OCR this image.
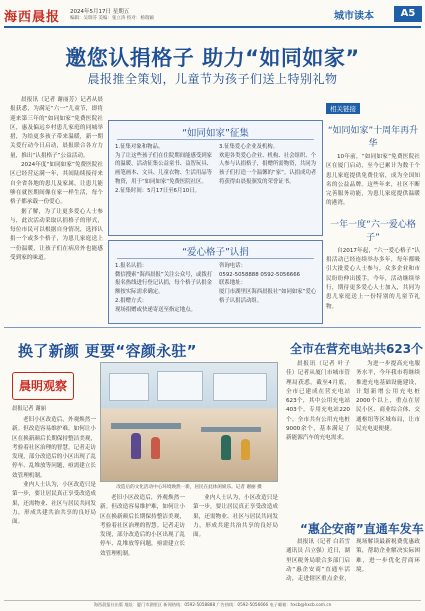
海西晨报 2024年5月17日 星期五
编辑：吴瑞芬 美编：张立涛 校对：杨瑞颖	城市读本	A5
邀您认捐格子 助力“如同如家”
晨报推全策划，儿童节为孩子们送上特别礼物

晨报讯（记者 谢丽芳）记者从晨报获悉，为满足“六一”儿童节，即将迎来第三年的“如同如家”免费医院社区，惠及偏远乡村患儿家庭的同城举措，为给更多孩子带来温暖，新一期关爱行动今日启动，晨报联合各方力量，推出“认捐格子”公益活动。

2024年度“如同如家”免费医院社区已经营运满一年，其间陆续接待来自全省各地的患儿及家属，让患儿能够在就医期间像在家一样生活，每个格子都承载一份爱心。

据了解，为了让更多爱心人士参与，此次活动采取认捐格子的形式，每位市民可以根据自身情况，选择认捐一个或多个格子，为患儿家庭送上一份温暖，让孩子们在病房外也能感受到家的味道。

“如同如家”征集
1.征集对象和物品。
为了让这些孩子们在住院期间能感受到家的温暖，活动征集公益童书、益智玩具、画笔画本、文具、儿童衣物、生活用品等物资，用于“如同如家”免费医院社区。
2.征集时间：5月17日至6月10日。
3.征集爱心企业及机构。
欢迎各类爱心企业、机构、社会组织、个人参与认捐格子，捐赠所需物资，共同为孩子们打造一个温馨的“家”。认捐成功者将获得由晨报颁发的荣誉证书。
“爱心格子”认捐
1.报名认捐：
微信搜索“海西晨报”关注公众号，或拨打报名热线进行登记认捐，每个格子认捐金额按实际需求确定。
2.捐赠方式：
现场捐赠或快递寄送至指定地点。
咨询电话：
0592-5058888 0592-5056666
联系地址：
厦门市湖里区海西晨报社“如同如家”爱心格子认捐活动组。
相关链接
“如同如家”十周年再升华

10年前，“如同如家”免费医院社区在厦门启动，至今已累计为数千个患儿家庭提供免费住宿，成为全国知名的公益品牌。这些年来，社区不断完善服务功能，为患儿家庭提供温暖的港湾。

一年一度“六一爱心格子”

自2017年起，“六一爱心格子”认捐活动已经连续举办多年，每年都吸引大批爱心人士参与，众多企业和市民纷纷伸出援手。今年，活动继续举行，期待更多爱心人士加入，共同为患儿家庭送上一份特别的儿童节礼物。

换了新颜 更要“容颜永驻”
晨明观察
晨报记者 谢丽

老旧小区改造后，外观焕然一新。但改造容易维护难，如何让小区在换新颜后长期保持整洁美观，考验着社区治理的智慧。记者走访发现，部分改造后的小区出现了乱停车、乱堆放等问题，亟需建立长效管理机制。

业内人士认为，小区改造只是第一步，要让居民真正享受改造成果，还需物业、社区与居民共同发力，形成共建共治共享的良好局面。

改造后的文化活动中心环境焕然一新，居民在此休闲娱乐。记者 谢丽 摄

老旧小区改造后，外观焕然一新。但改造容易维护难，如何让小区在换新颜后长期保持整洁美观，考验着社区治理的智慧。记者走访发现，部分改造后的小区出现了乱停车、乱堆放等问题，亟需建立长效管理机制。

业内人士认为，小区改造只是第一步，要让居民真正享受改造成果，还需物业、社区与居民共同发力，形成共建共治共享的良好局面。

全市在营充电站共623个

晨报讯（记者 叶子佳）记者从厦门市城市管理局获悉，截至4月底，全市已建成在营充电站623个，其中公用充电站403个，专用充电站220个。全市共有公用充电桩9000余个，基本满足了新能源汽车的充电需求。

为进一步提高充电服务水平，今年我市将继续推进充电基础设施建设，计划新增公用充电桩2000个以上，重点在居民小区、商业综合体、交通枢纽等区域布局，让市民充电更便捷。

“惠企安商”直通车发车

晨报讯（记者 白若雪 通讯员 吕立强）近日，湖里区税务局联合多部门启动“惠企安商”直通车活动，走进辖区重点企业，现场解读最新税费优惠政策，帮助企业解决实际困难，进一步优化营商环境。

海西晨报社出版 地址：厦门市湖里区 新闻热线：0592-5058888 广告热线：0592-5056666 电子邮箱：hxcb@hxcb.com.cn
